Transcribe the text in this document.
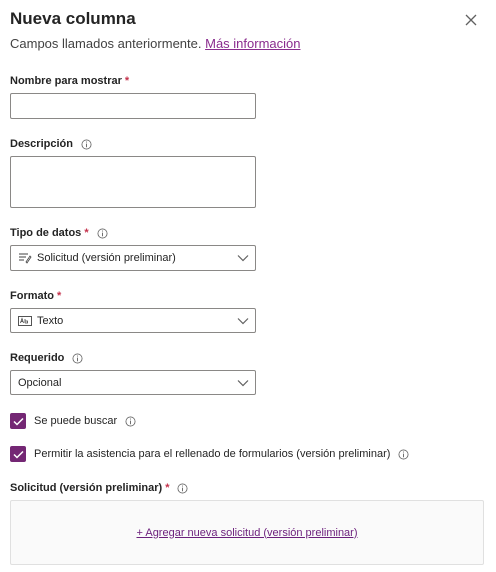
Nueva columna
Campos llamados anteriormente. Más información
Nombre para mostrar *
Descripción
Tipo de datos *
Solicitud (versión preliminar)
Formato *
Texto
Requerido
Opcional
Se puede buscar
Permitir la asistencia para el rellenado de formularios (versión preliminar)
Solicitud (versión preliminar) *
+ Agregar nueva solicitud (versión preliminar)
